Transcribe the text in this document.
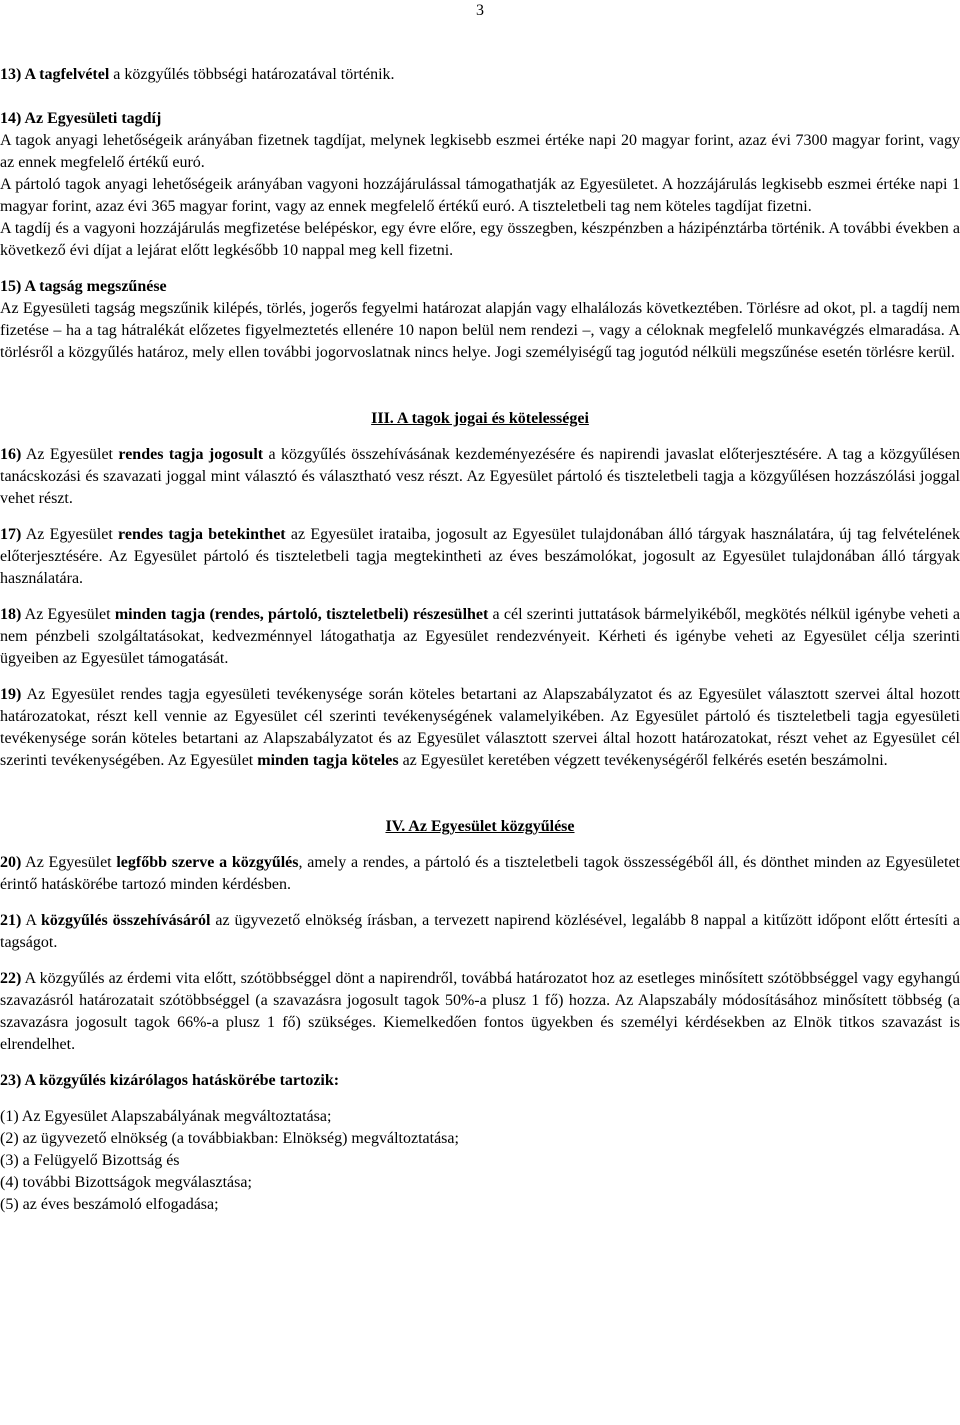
3

13) A tagfelvétel a közgyűlés többségi határozatával történik.

14) Az Egyesületi tagdíj

A tagok anyagi lehetőségeik arányában fizetnek tagdíjat, melynek legkisebb eszmei értéke napi 20 magyar forint, azaz évi 7300 magyar forint, vagy az ennek megfelelő értékű euró.

A pártoló tagok anyagi lehetőségeik arányában vagyoni hozzájárulással támogathatják az Egyesületet. A hozzájárulás legkisebb eszmei értéke napi 1 magyar forint, azaz évi 365 magyar forint, vagy az ennek megfelelő értékű euró. A tiszteletbeli tag nem köteles tagdíjat fizetni.

A tagdíj és a vagyoni hozzájárulás megfizetése belépéskor, egy évre előre, egy összegben, készpénzben a házipénztárba történik. A további években a következő évi díjat a lejárat előtt legkésőbb 10 nappal meg kell fizetni.

15) A tagság megszűnése

Az Egyesületi tagság megszűnik kilépés, törlés, jogerős fegyelmi határozat alapján vagy elhalálozás következtében. Törlésre ad okot, pl. a tagdíj nem fizetése – ha a tag hátralékát előzetes figyelmeztetés ellenére 10 napon belül nem rendezi –, vagy a céloknak megfelelő munkavégzés elmaradása. A törlésről a közgyűlés határoz, mely ellen további jogorvoslatnak nincs helye. Jogi személyiségű tag jogutód nélküli megszűnése esetén törlésre kerül.

III. A tagok jogai és kötelességei

16) Az Egyesület rendes tagja jogosult a közgyűlés összehívásának kezdeményezésére és napirendi javaslat előterjesztésére. A tag a közgyűlésen tanácskozási és szavazati joggal mint választó és választható vesz részt. Az Egyesület pártoló és tiszteletbeli tagja a közgyűlésen hozzászólási joggal vehet részt.

17) Az Egyesület rendes tagja betekinthet az Egyesület irataiba, jogosult az Egyesület tulajdonában álló tárgyak használatára, új tag felvételének előterjesztésére. Az Egyesület pártoló és tiszteletbeli tagja megtekintheti az éves beszámolókat, jogosult az Egyesület tulajdonában álló tárgyak használatára.

18) Az Egyesület minden tagja (rendes, pártoló, tiszteletbeli) részesülhet a cél szerinti juttatások bármelyikéből, megkötés nélkül igénybe veheti a nem pénzbeli szolgáltatásokat, kedvezménnyel látogathatja az Egyesület rendezvényeit. Kérheti és igénybe veheti az Egyesület célja szerinti ügyeiben az Egyesület támogatását.

19) Az Egyesület rendes tagja egyesületi tevékenysége során köteles betartani az Alapszabályzatot és az Egyesület választott szervei által hozott határozatokat, részt kell vennie az Egyesület cél szerinti tevékenységének valamelyikében. Az Egyesület pártoló és tiszteletbeli tagja egyesületi tevékenysége során köteles betartani az Alapszabályzatot és az Egyesület választott szervei által hozott határozatokat, részt vehet az Egyesület cél szerinti tevékenységében. Az Egyesület minden tagja köteles az Egyesület keretében végzett tevékenységéről felkérés esetén beszámolni.

IV. Az Egyesület közgyűlése

20) Az Egyesület legfőbb szerve a közgyűlés, amely a rendes, a pártoló és a tiszteletbeli tagok összességéből áll, és dönthet minden az Egyesületet érintő hatáskörébe tartozó minden kérdésben.

21) A közgyűlés összehívásáról az ügyvezető elnökség írásban, a tervezett napirend közlésével, legalább 8 nappal a kitűzött időpont előtt értesíti a tagságot.

22) A közgyűlés az érdemi vita előtt, szótöbbséggel dönt a napirendről, továbbá határozatot hoz az esetleges minősített szótöbbséggel vagy egyhangú szavazásról határozatait szótöbbséggel (a szavazásra jogosult tagok 50%-a plusz 1 fő) hozza. Az Alapszabály módosításához minősített többség (a szavazásra jogosult tagok 66%-a plusz 1 fő) szükséges. Kiemelkedően fontos ügyekben és személyi kérdésekben az Elnök titkos szavazást is elrendelhet.

23) A közgyűlés kizárólagos hatáskörébe tartozik:

(1) Az Egyesület Alapszabályának megváltoztatása;

(2) az ügyvezető elnökség (a továbbiakban: Elnökség) megváltoztatása;

(3) a Felügyelő Bizottság és

(4) további Bizottságok megválasztása;

(5) az éves beszámoló elfogadása;
